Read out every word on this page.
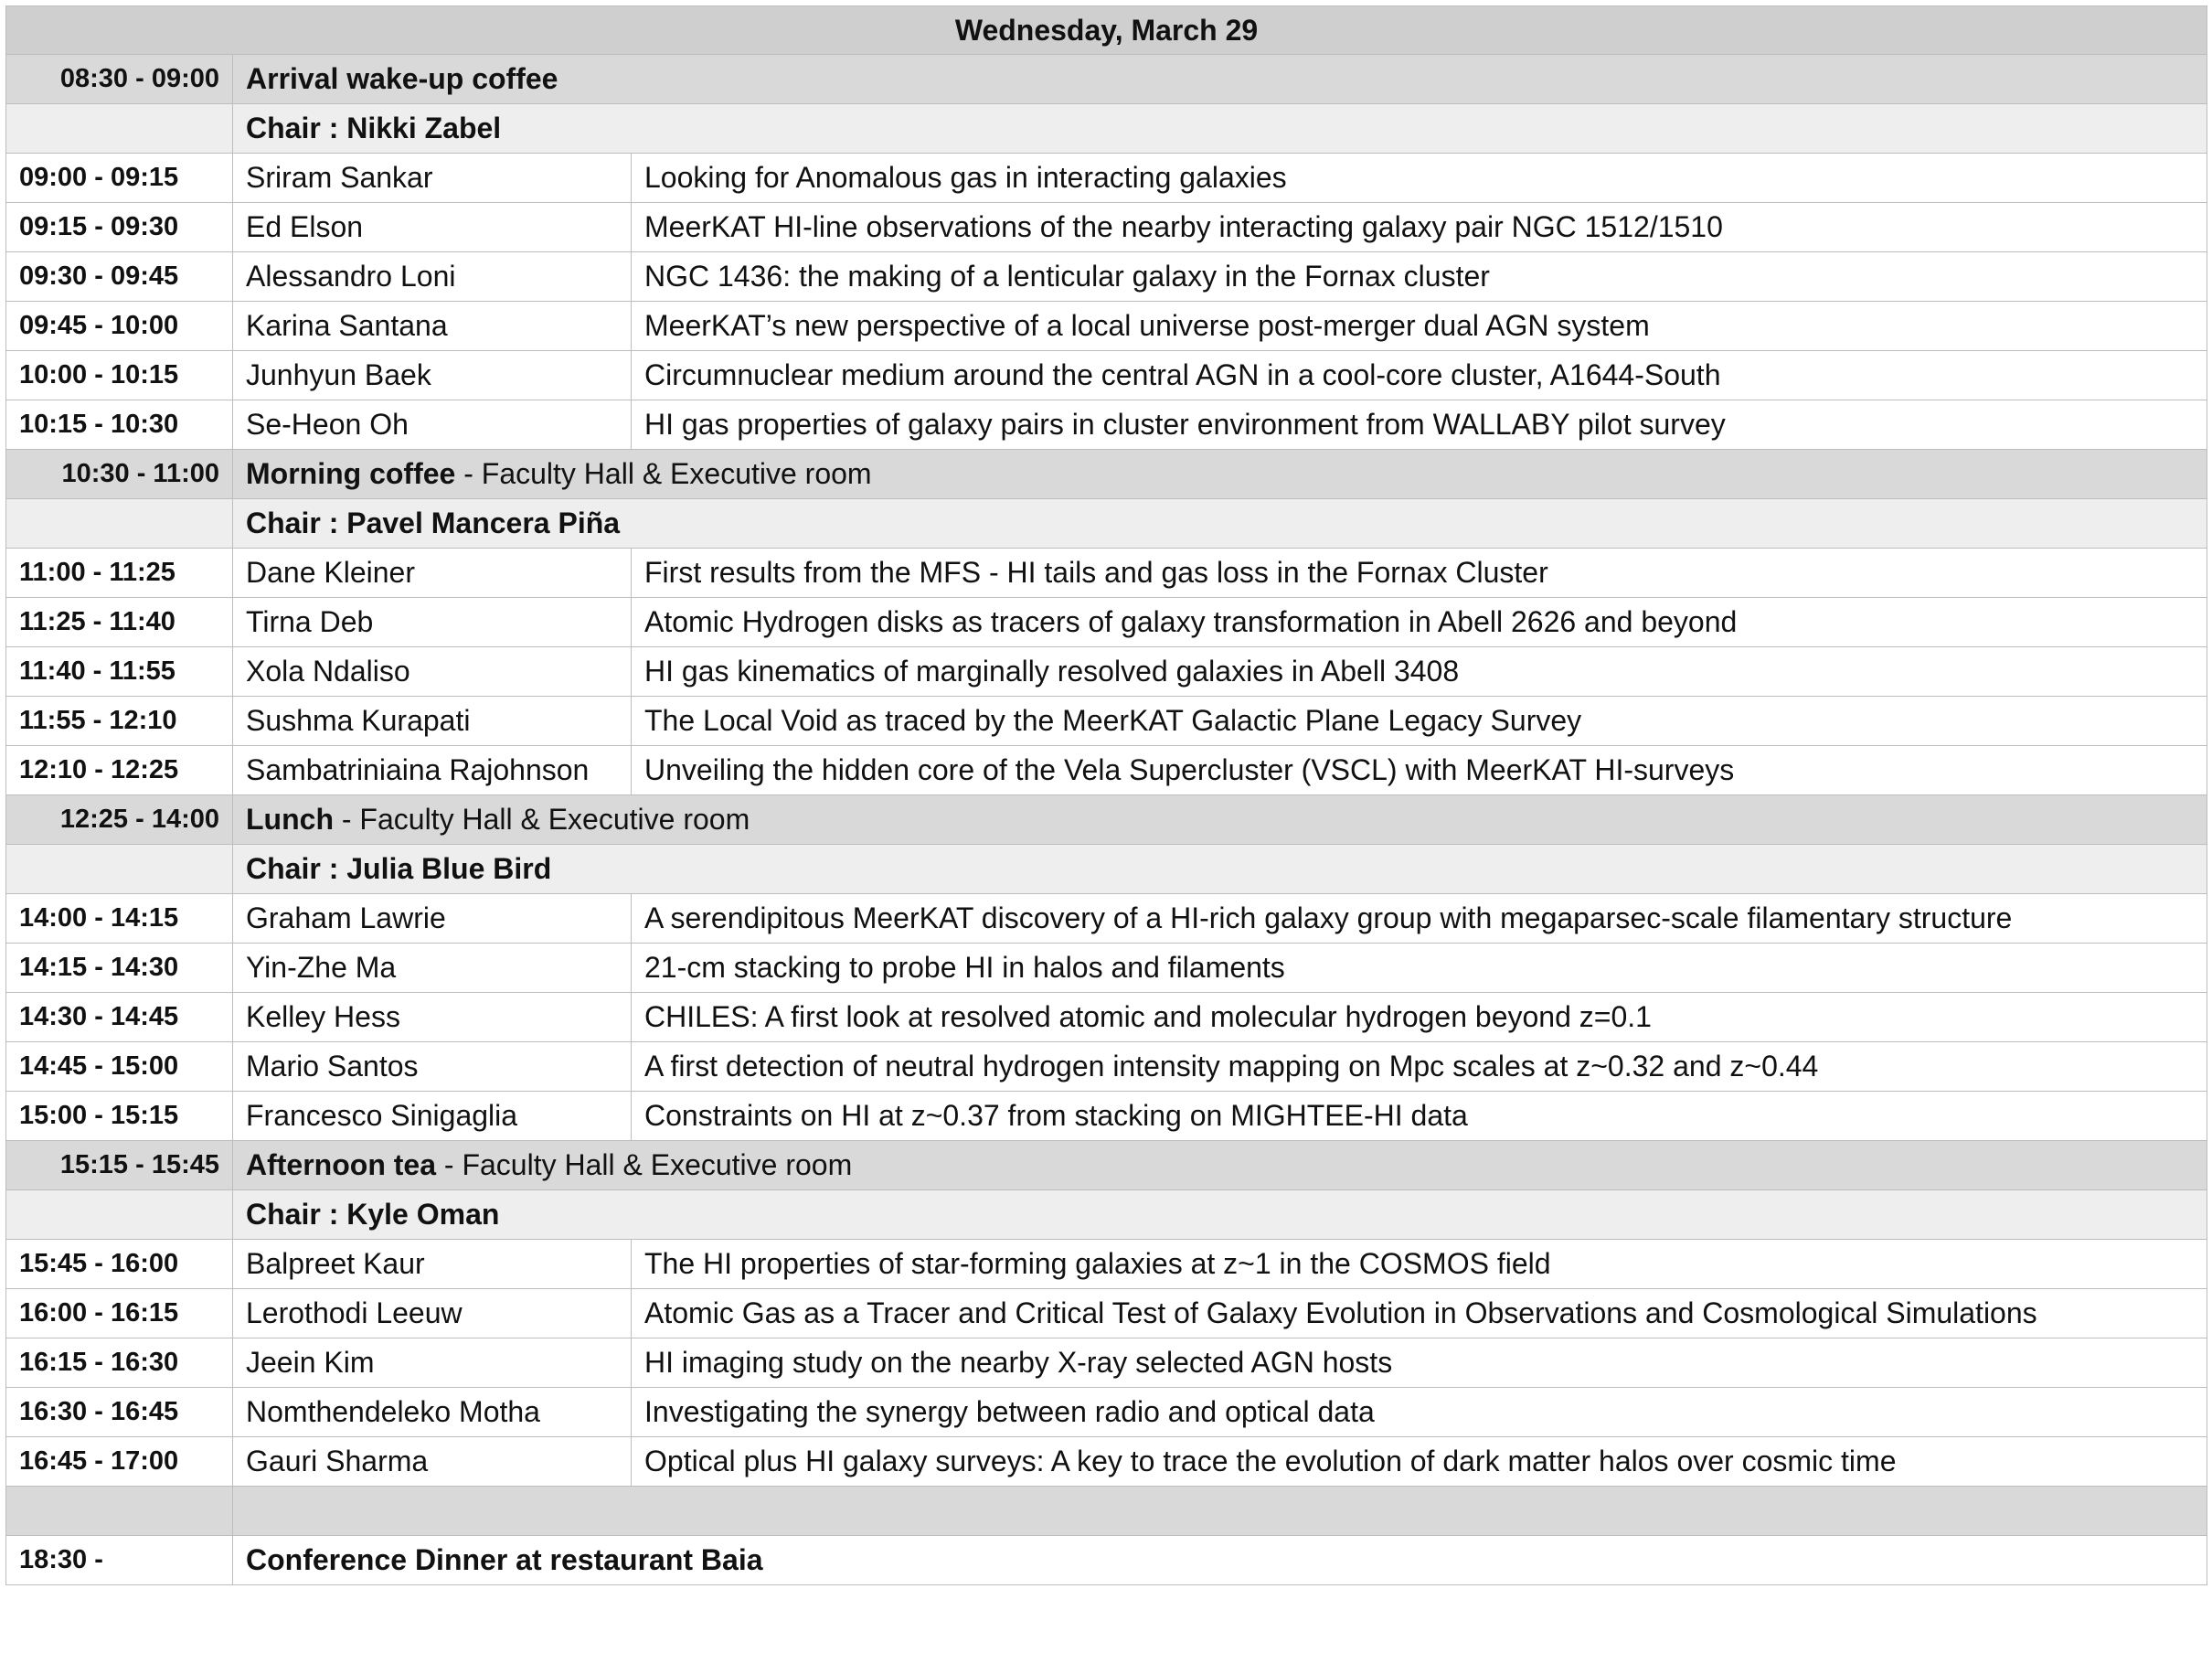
Wednesday, March 29		
08:30 - 09:00	Arrival wake-up coffee	
	Chair : Nikki Zabel	
09:00 - 09:15	Sriram Sankar	Looking for Anomalous gas in interacting galaxies
09:15 - 09:30	Ed Elson	MeerKAT HI-line observations of the nearby interacting galaxy pair NGC 1512/1510
09:30 - 09:45	Alessandro Loni	NGC 1436: the making of a lenticular galaxy in the Fornax cluster
09:45 - 10:00	Karina Santana	MeerKAT’s new perspective of a local universe post-merger dual AGN system
10:00 - 10:15	Junhyun Baek	Circumnuclear medium around the central AGN in a cool-core cluster, A1644-South
10:15 - 10:30	Se-Heon Oh	HI gas properties of galaxy pairs in cluster environment from WALLABY pilot survey
10:30 - 11:00	Morning coffee - Faculty Hall & Executive room	
	Chair : Pavel Mancera Piña	
11:00 - 11:25	Dane Kleiner	First results from the MFS - HI tails and gas loss in the Fornax Cluster
11:25 - 11:40	Tirna Deb	Atomic Hydrogen disks as tracers of galaxy transformation in Abell 2626 and beyond
11:40 - 11:55	Xola Ndaliso	HI gas kinematics of marginally resolved galaxies in Abell 3408
11:55 - 12:10	Sushma Kurapati	The Local Void as traced by the MeerKAT Galactic Plane Legacy Survey
12:10 - 12:25	Sambatriniaina Rajohnson	Unveiling the hidden core of the Vela Supercluster (VSCL) with MeerKAT HI-surveys
12:25 - 14:00	Lunch - Faculty Hall & Executive room	
	Chair : Julia Blue Bird	
14:00 - 14:15	Graham Lawrie	A serendipitous MeerKAT discovery of a HI-rich galaxy group with megaparsec-scale filamentary structure
14:15 - 14:30	Yin-Zhe Ma	21-cm stacking to probe HI in halos and filaments
14:30 - 14:45	Kelley Hess	CHILES: A first look at resolved atomic and molecular hydrogen beyond z=0.1
14:45 - 15:00	Mario Santos	A first detection of neutral hydrogen intensity mapping on Mpc scales at z~0.32 and z~0.44
15:00 - 15:15	Francesco Sinigaglia	Constraints on HI at z~0.37 from stacking on MIGHTEE-HI data
15:15 - 15:45	Afternoon tea - Faculty Hall & Executive room	
	Chair : Kyle Oman	
15:45 - 16:00	Balpreet Kaur	The HI properties of star-forming galaxies at z~1 in the COSMOS field
16:00 - 16:15	Lerothodi Leeuw	Atomic Gas as a Tracer and Critical Test of Galaxy Evolution in Observations and Cosmological Simulations
16:15 - 16:30	Jeein Kim	HI imaging study on the nearby X-ray selected AGN hosts
16:30 - 16:45	Nomthendeleko Motha	Investigating the synergy between radio and optical data
16:45 - 17:00	Gauri Sharma	Optical plus HI galaxy surveys: A key to trace the evolution of dark matter halos over cosmic time

18:30 -	Conference Dinner at restaurant Baia	
